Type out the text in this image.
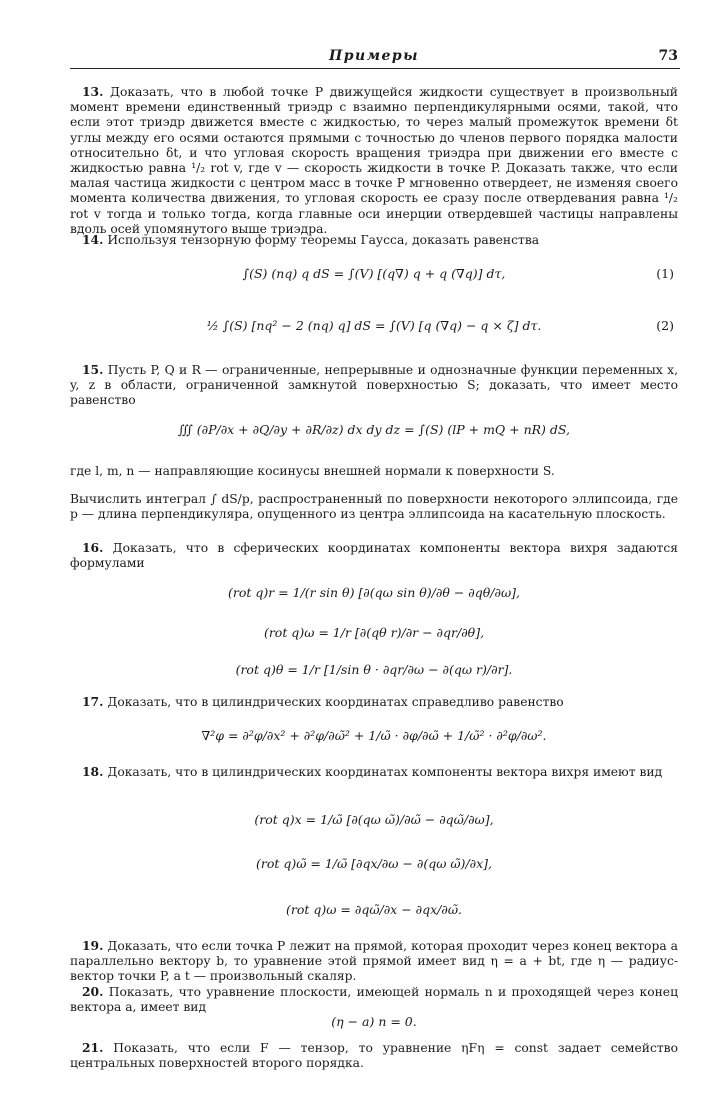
Примеры	73

13. Доказать, что в любой точке P движущейся жидкости существует в произвольный момент времени единственный триэдр с взаимно перпендикулярными осями, такой, что если этот триэдр движется вместе с жидкостью, то через малый промежуток времени δt углы между его осями остаются прямыми с точностью до членов первого порядка малости относительно δt, и что угловая скорость вращения триэдра при движении его вместе с жидкостью равна ¹/₂ rot v, где v — скорость жидкости в точке P. Доказать также, что если малая частица жидкости с центром масс в точке P мгновенно отвердеет, не изменяя своего момента количества движения, то угловая скорость ее сразу после отвердевания равна ¹/₂ rot v тогда и только тогда, когда главные оси инерции отвердевшей частицы направлены вдоль осей упомянутого выше триэдра.

14. Используя тензорную форму теоремы Гаусса, доказать равенства

∫(S) (nq) q dS = ∫(V) [(q∇) q + q (∇q)] dτ,	(1)
½ ∫(S) [nq² − 2 (nq) q] dS = ∫(V) [q (∇q) − q × ζ] dτ.	(2)

15. Пусть P, Q и R — ограниченные, непрерывные и однозначные функции переменных x, y, z в области, ограниченной замкнутой поверхностью S; доказать, что имеет место равенство

∭ (∂P/∂x + ∂Q/∂y + ∂R/∂z) dx dy dz = ∫(S) (lP + mQ + nR) dS,

где l, m, n — направляющие косинусы внешней нормали к поверхности S.

Вычислить интеграл ∫ dS/p, распространенный по поверхности некоторого эллипсоида, где p — длина перпендикуляра, опущенного из центра эллипсоида на касательную плоскость.

16. Доказать, что в сферических координатах компоненты вектора вихря задаются формулами

(rot q)r = 1/(r sin θ) [∂(qω sin θ)/∂θ − ∂qθ/∂ω],
(rot q)ω = 1/r [∂(qθ r)/∂r − ∂qr/∂θ],
(rot q)θ = 1/r [1/sin θ · ∂qr/∂ω − ∂(qω r)/∂r].

17. Доказать, что в цилиндрических координатах справедливо равенство

∇²φ = ∂²φ/∂x² + ∂²φ/∂ω̃² + 1/ω̃ · ∂φ/∂ω̃ + 1/ω̃² · ∂²φ/∂ω².

18. Доказать, что в цилиндрических координатах компоненты вектора вихря имеют вид

(rot q)x = 1/ω̃ [∂(qω ω̃)/∂ω̃ − ∂qω̃/∂ω],
(rot q)ω̃ = 1/ω̃ [∂qx/∂ω − ∂(qω ω̃)/∂x],
(rot q)ω = ∂qω̃/∂x − ∂qx/∂ω̃.

19. Доказать, что если точка P лежит на прямой, которая проходит через конец вектора a параллельно вектору b, то уравнение этой прямой имеет вид η = a + bt, где η — радиус-вектор точки P, а t — произвольный скаляр.

20. Показать, что уравнение плоскости, имеющей нормаль n и проходящей через конец вектора a, имеет вид

(η − a) n = 0.

21. Показать, что если F — тензор, то уравнение ηFη = const задает семейство центральных поверхностей второго порядка.
